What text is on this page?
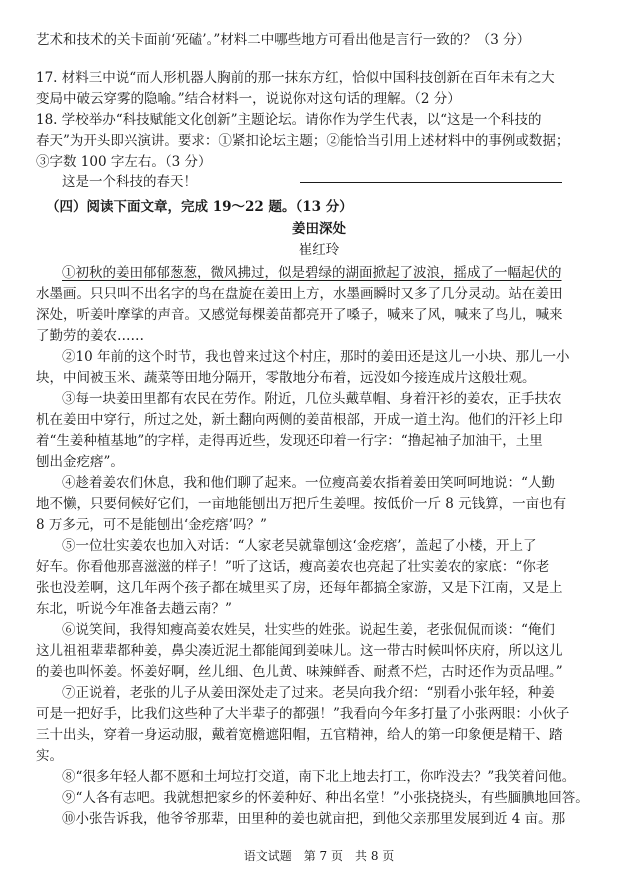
艺术和技术的关卡面前‘死磕’。”材料二中哪些地方可看出他是言行一致的？（3 分）
17. 材料三中说“而人形机器人胸前的那一抹东方红，恰似中国科技创新在百年未有之大
变局中破云穿雾的隐喻。”结合材料一，说说你对这句话的理解。（2 分）
18. 学校举办“科技赋能文化创新”主题论坛。请你作为学生代表，以“这是一个科技的
春天”为开头即兴演讲。要求：①紧扣论坛主题；②能恰当引用上述材料中的事例或数据；
③字数 100 字左右。（3 分）
这是一个科技的春天！
（四）阅读下面文章，完成 19～22 题。（13 分）
姜田深处
崔红玲
①初秋的姜田郁郁葱葱，微风拂过，似是碧绿的湖面掀起了波浪，摇成了一幅起伏的
水墨画。只只叫不出名字的鸟在盘旋在姜田上方，水墨画瞬时又多了几分灵动。站在姜田
深处，听姜叶摩挲的声音。又感觉每棵姜苗都亮开了嗓子，喊来了风，喊来了鸟儿，喊来
了勤劳的姜农……
②10 年前的这个时节，我也曾来过这个村庄，那时的姜田还是这儿一小块、那儿一小
块，中间被玉米、蔬菜等田地分隔开，零散地分布着，远没如今接连成片这般壮观。
③每一块姜田里都有农民在劳作。附近，几位头戴草帽、身着汗衫的姜农，正手扶农
机在姜田中穿行，所过之处，新土翻向两侧的姜苗根部，开成一道土沟。他们的汗衫上印
着“生姜种植基地”的字样，走得再近些，发现还印着一行字：“撸起袖子加油干，土里
刨出金疙瘩”。
④趁着姜农们休息，我和他们聊了起来。一位瘦高姜农指着姜田笑呵呵地说：“人勤
地不懒，只要伺候好它们，一亩地能刨出万把斤生姜哩。按低价一斤 8 元钱算，一亩也有
8 万多元，可不是能刨出‘金疙瘩’吗？”
⑤一位壮实姜农也加入对话：“人家老吴就靠刨这‘金疙瘩’，盖起了小楼，开上了
好车。你看他那喜滋滋的样子！”听了这话，瘦高姜农也亮起了壮实姜农的家底：“你老
张也没差啊，这几年两个孩子都在城里买了房，还每年都搞全家游，又是下江南，又是上
东北，听说今年准备去趟云南？”
⑥说笑间，我得知瘦高姜农姓吴，壮实些的姓张。说起生姜，老张侃侃而谈：“俺们
这儿祖祖辈辈都种姜，鼻尖凑近泥土都能闻到姜味儿。这一带古时候叫怀庆府，所以这儿
的姜也叫怀姜。怀姜好啊，丝儿细、色儿黄、味辣鲜香、耐煮不烂，古时还作为贡品哩。”
⑦正说着，老张的儿子从姜田深处走了过来。老吴向我介绍：“别看小张年轻，种姜
可是一把好手，比我们这些种了大半辈子的都强！”我看向今年多打量了小张两眼：小伙子
三十出头，穿着一身运动服，戴着宽檐遮阳帽，五官精神，给人的第一印象便是精干、踏
实。
⑧“很多年轻人都不愿和土坷垃打交道，南下北上地去打工，你咋没去？”我笑着问他。
⑨“人各有志吧。我就想把家乡的怀姜种好、种出名堂！”小张挠挠头，有些腼腆地回答。
⑩小张告诉我，他爷爷那辈，田里种的姜也就亩把，到他父亲那里发展到近 4 亩。那
语文试题　第 7 页　共 8 页
